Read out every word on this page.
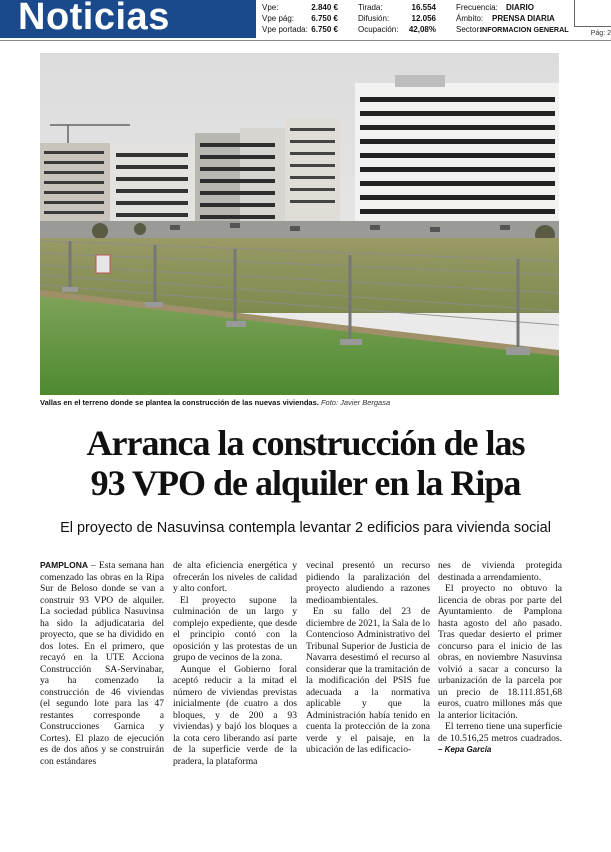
Noticias	Vpe:	2.840 €
Vpe pág: 6.750 €
Vpe portada: 6.750 €
Tirada:	16.554
Difusión:	12.056
Ocupación: 42,08%
Frecuencia: DIARIO
Ámbito: PRENSA DIARIA
Sector:INFORMACION GENERAL	Pág: 2
Vallas en el terreno donde se plantea la construcción de las nuevas viviendas. Foto: Javier Bergasa
Arranca la construcción de las
93 VPO de alquiler en la Ripa
El proyecto de Nasuvinsa contempla levantar 2 edificios para vivienda social

PAMPLONA – Esta semana han comenzado las obras en la Ripa Sur de Beloso donde se van a construir 93 VPO de alquiler. La sociedad pública Nasuvinsa ha sido la adjudicataria del proyecto, que se ha dividido en dos lotes. En el primero, que recayó en la UTE Acciona Construcción SA-Servinabar, ya ha comenzado la construcción de 46 viviendas (el segundo lote para las 47 restantes corresponde a Construcciones Garnica y Cortes). El plazo de ejecución es de dos años y se construirán con estándares

de alta eficiencia energética y ofrecerán los niveles de calidad y alto confort.

El proyecto supone la culminación de un largo y complejo expediente, que desde el principio contó con la oposición y las protestas de un grupo de vecinos de la zona.

Aunque el Gobierno foral aceptó reducir a la mitad el número de viviendas previstas inicialmente (de cuatro a dos bloques, y de 200 a 93 viviendas) y bajó los bloques a la cota cero liberando así parte de la superficie verde de la pradera, la plataforma

vecinal presentó un recurso pidiendo la paralización del proyecto aludiendo a razones medioambientales.

En su fallo del 23 de diciembre de 2021, la Sala de lo Contencioso Administrativo del Tribunal Superior de Justicia de Navarra desestimó el recurso al considerar que la tramitación de la modificación del PSIS fue adecuada a la normativa aplicable y que la Administración había tenido en cuenta la protección de la zona verde y el paisaje, en la ubicación de las edificacio-

nes de vivienda protegida destinada a arrendamiento.

El proyecto no obtuvo la licencia de obras por parte del Ayuntamiento de Pamplona hasta agosto del año pasado. Tras quedar desierto el primer concurso para el inicio de las obras, en noviembre Nasuvinsa volvió a sacar a concurso la urbanización de la parcela por un precio de 18.111.851,68 euros, cuatro millones más que la anterior licitación.

El terreno tiene una superficie de 10.516,25 metros cuadrados. – Kepa García
